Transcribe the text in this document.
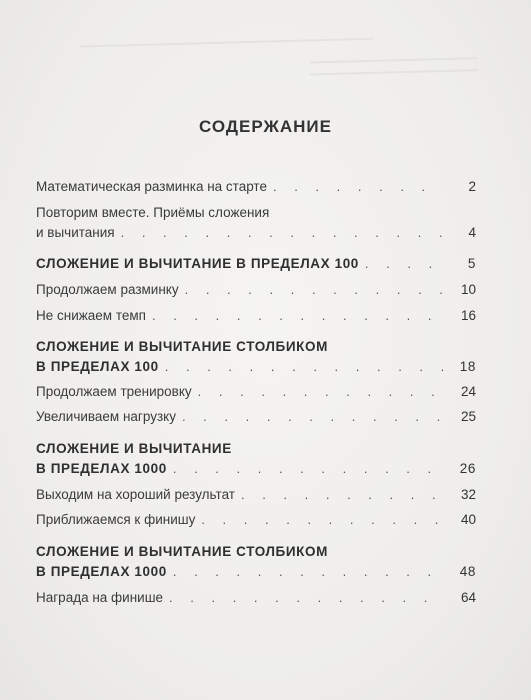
СОДЕРЖАНИЕ
Математическая разминка на старте . . .	2
Повторим вместе. Приёмы сложения
и вычитания . . .	4
СЛОЖЕНИЕ И ВЫЧИТАНИЕ В ПРЕДЕЛАХ 100 . . .	5
Продолжаем разминку . . .	10
Не снижаем темп . . .	16
СЛОЖЕНИЕ И ВЫЧИТАНИЕ СТОЛБИКОМ
В ПРЕДЕЛАХ 100 . . .	18
Продолжаем тренировку . . .	24
Увеличиваем нагрузку . . .	25
СЛОЖЕНИЕ И ВЫЧИТАНИЕ
В ПРЕДЕЛАХ 1000 . . .	26
Выходим на хороший результат . . .	32
Приближаемся к финишу . . .	40
СЛОЖЕНИЕ И ВЫЧИТАНИЕ СТОЛБИКОМ
В ПРЕДЕЛАХ 1000 . . .	48
Награда на финише . . .	64
